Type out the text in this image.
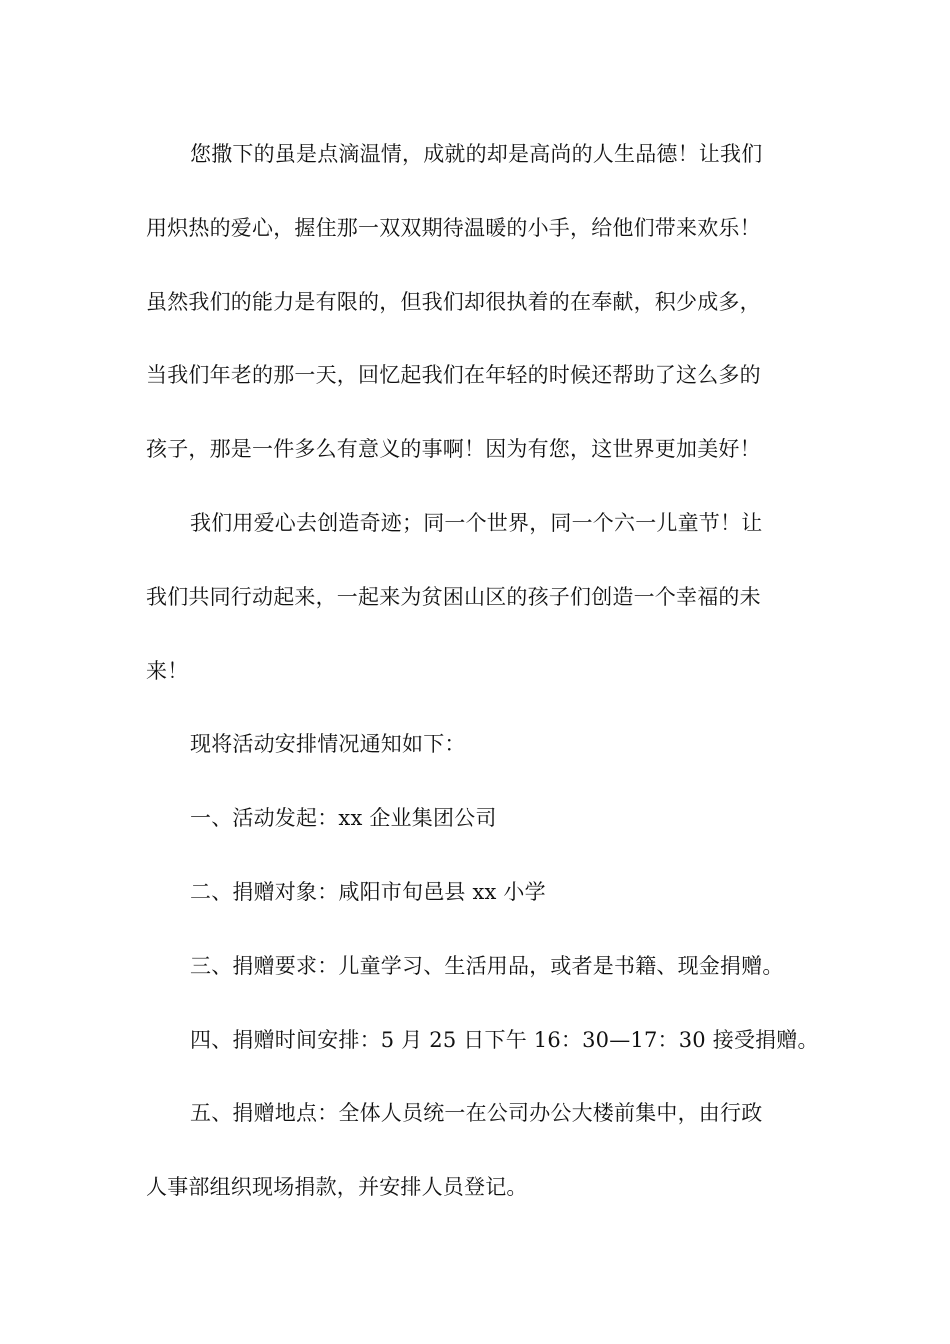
您撒下的虽是点滴温情，成就的却是高尚的人生品德！让我们
用炽热的爱心，握住那一双双期待温暖的小手，给他们带来欢乐！
虽然我们的能力是有限的，但我们却很执着的在奉献，积少成多，
当我们年老的那一天，回忆起我们在年轻的时候还帮助了这么多的
孩子，那是一件多么有意义的事啊！因为有您，这世界更加美好！
我们用爱心去创造奇迹；同一个世界，同一个六一儿童节！让
我们共同行动起来，一起来为贫困山区的孩子们创造一个幸福的未
来！
现将活动安排情况通知如下：
一、活动发起：xx 企业集团公司
二、捐赠对象：咸阳市旬邑县 xx 小学
三、捐赠要求：儿童学习、生活用品，或者是书籍、现金捐赠。
四、捐赠时间安排：5 月 25 日下午 16：30—17：30 接受捐赠。
五、捐赠地点：全体人员统一在公司办公大楼前集中，由行政
人事部组织现场捐款，并安排人员登记。
